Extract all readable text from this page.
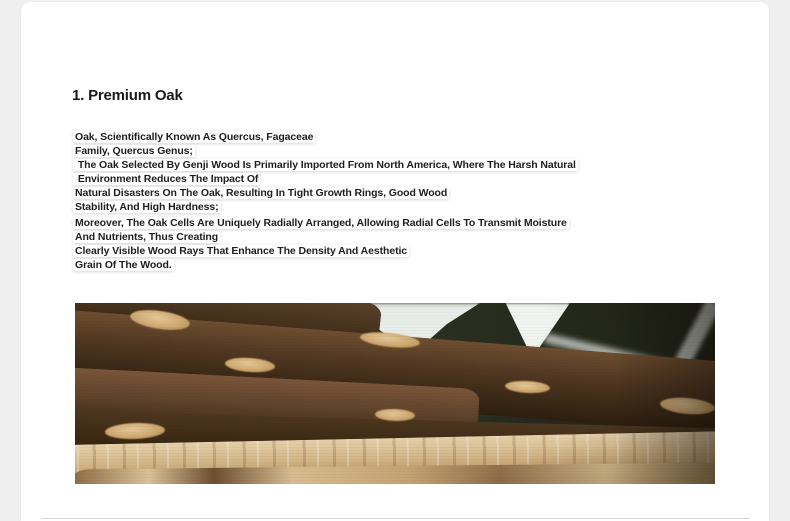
1. Premium Oak
Oak, Scientifically Known As Quercus, Fagaceae
Family, Quercus Genus;
The Oak Selected By Genji Wood Is Primarily Imported From North America, Where The Harsh Natural
Environment Reduces The Impact Of
Natural Disasters On The Oak, Resulting In Tight Growth Rings, Good Wood
Stability, And High Hardness;
Moreover, The Oak Cells Are Uniquely Radially Arranged, Allowing Radial Cells To Transmit Moisture
And Nutrients, Thus Creating
Clearly Visible Wood Rays That Enhance The Density And Aesthetic
Grain Of The Wood.
